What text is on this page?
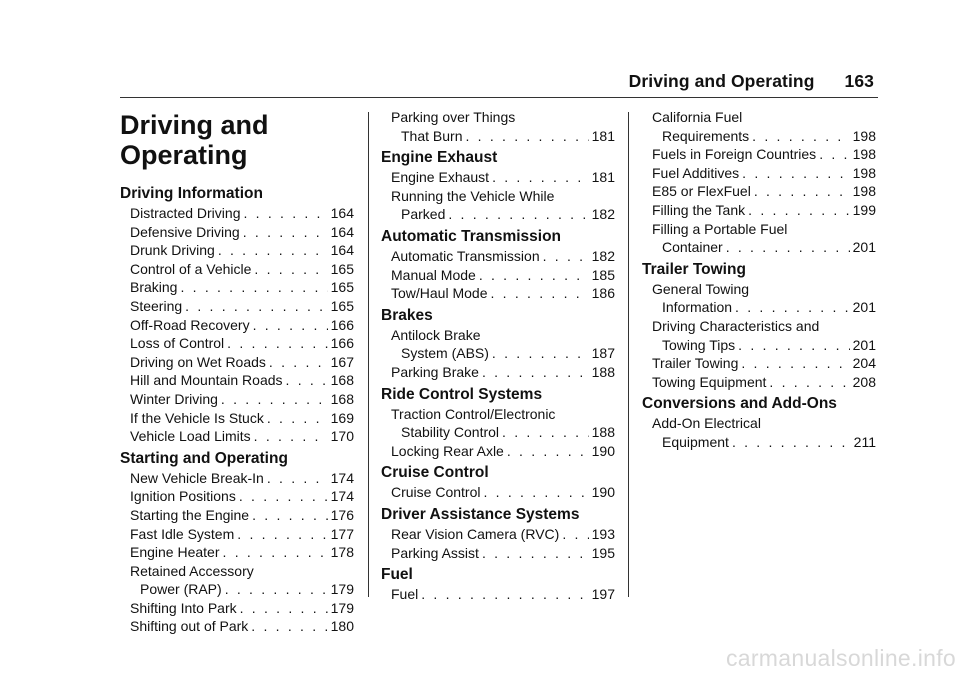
Driving and Operating 163
Driving and
Operating
Driving Information
Distracted Driving . . .	164
Defensive Driving . . .	164
Drunk Driving . . .	164
Control of a Vehicle . . .	165
Braking . . .	165
Steering . . .	165
Off-Road Recovery . . .	166
Loss of Control . . .	166
Driving on Wet Roads . . .	167
Hill and Mountain Roads . . .	168
Winter Driving . . .	168
If the Vehicle Is Stuck . . .	169
Vehicle Load Limits . . .	170
Starting and Operating
New Vehicle Break-In . . .	174
Ignition Positions . . .	174
Starting the Engine . . .	176
Fast Idle System . . .	177
Engine Heater . . .	178
Retained Accessory
Power (RAP) . . .	179
Shifting Into Park . . .	179
Shifting out of Park . . .	180
Parking over Things
That Burn . . .	181
Engine Exhaust
Engine Exhaust . . .	181
Running the Vehicle While
Parked . . .	182
Automatic Transmission
Automatic Transmission . . .	182
Manual Mode . . .	185
Tow/Haul Mode . . .	186
Brakes
Antilock Brake
System (ABS) . . .	187
Parking Brake . . .	188
Ride Control Systems
Traction Control/Electronic
Stability Control . . .	188
Locking Rear Axle . . .	190
Cruise Control
Cruise Control . . .	190
Driver Assistance Systems
Rear Vision Camera (RVC) . . . 193
Parking Assist . . .	195
Fuel
Fuel . . .	197
California Fuel
Requirements . . .	198
Fuels in Foreign Countries . . .	198
Fuel Additives . . .	198
E85 or FlexFuel . . .	198
Filling the Tank . . .	199
Filling a Portable Fuel
Container . . .	201
Trailer Towing
General Towing
Information . . .	201
Driving Characteristics and
Towing Tips . . .	201
Trailer Towing . . .	204
Towing Equipment . . .	208
Conversions and Add-Ons
Add-On Electrical
Equipment . . .	211
carmanualsonline.info
